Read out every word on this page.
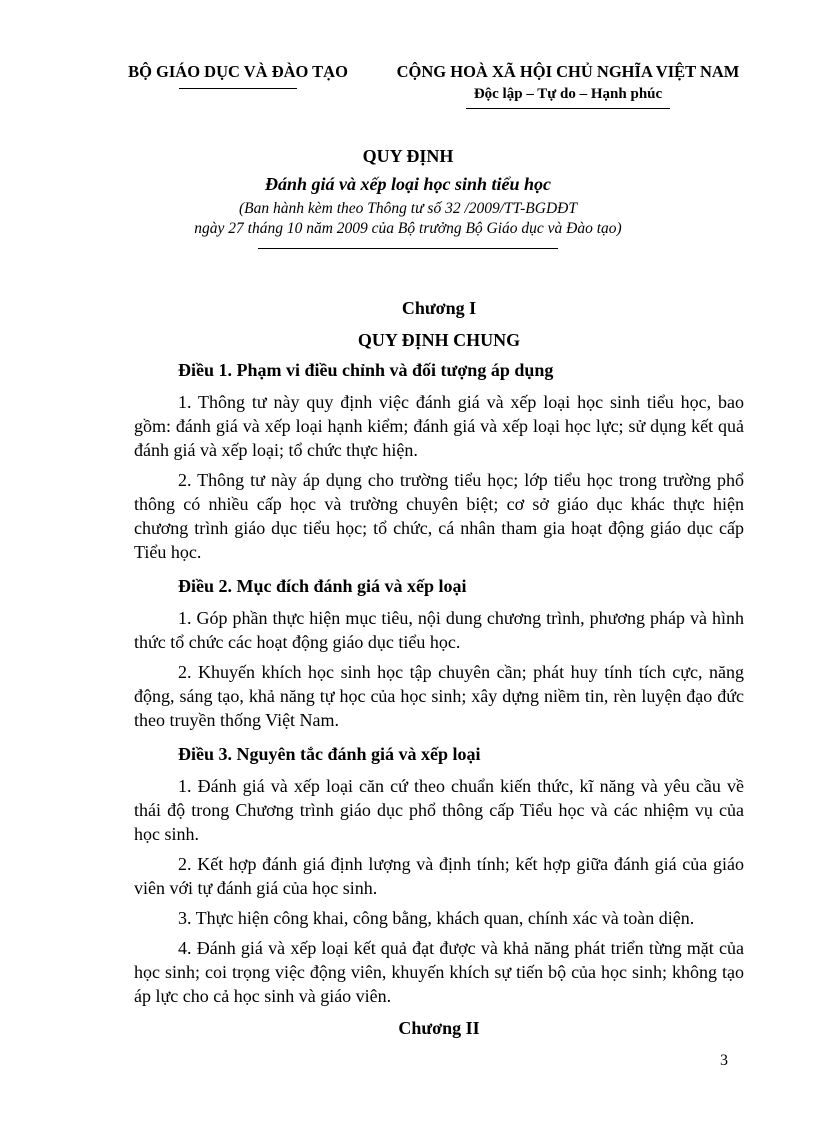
BỘ GIÁO DỤC VÀ ĐÀO TẠO	CỘNG HOÀ XÃ HỘI CHỦ NGHĨA VIỆT NAM
Độc lập – Tự do – Hạnh phúc
QUY ĐỊNH
Đánh giá và xếp loại học sinh tiểu học
(Ban hành kèm theo Thông tư số 32 /2009/TT-BGDĐT
ngày 27 tháng 10 năm 2009 của Bộ trưởng Bộ Giáo dục và Đào tạo)
Chương I
QUY ĐỊNH CHUNG
Điều 1. Phạm vi điều chỉnh và đối tượng áp dụng

1. Thông tư này quy định việc đánh giá và xếp loại học sinh tiểu học, bao gồm: đánh giá và xếp loại hạnh kiểm; đánh giá và xếp loại học lực; sử dụng kết quả đánh giá và xếp loại; tổ chức thực hiện.

2. Thông tư này áp dụng cho trường tiểu học; lớp tiểu học trong trường phổ thông có nhiều cấp học và trường chuyên biệt; cơ sở giáo dục khác thực hiện chương trình giáo dục tiểu học; tổ chức, cá nhân tham gia hoạt động giáo dục cấp Tiểu học.

Điều 2. Mục đích đánh giá và xếp loại

1. Góp phần thực hiện mục tiêu, nội dung chương trình, phương pháp và hình thức tổ chức các hoạt động giáo dục tiểu học.

2. Khuyến khích học sinh học tập chuyên cần; phát huy tính tích cực, năng động, sáng tạo, khả năng tự học của học sinh; xây dựng niềm tin, rèn luyện đạo đức theo truyền thống Việt Nam.

Điều 3. Nguyên tắc đánh giá và xếp loại

1. Đánh giá và xếp loại căn cứ theo chuẩn kiến thức, kĩ năng và yêu cầu về thái độ trong Chương trình giáo dục phổ thông cấp Tiểu học và các nhiệm vụ của học sinh.

2. Kết hợp đánh giá định lượng và định tính; kết hợp giữa đánh giá của giáo viên với tự đánh giá của học sinh.

3. Thực hiện công khai, công bằng, khách quan, chính xác và toàn diện.

4. Đánh giá và xếp loại kết quả đạt được và khả năng phát triển từng mặt của học sinh; coi trọng việc động viên, khuyến khích sự tiến bộ của học sinh; không tạo áp lực cho cả học sinh và giáo viên.

Chương II
3
